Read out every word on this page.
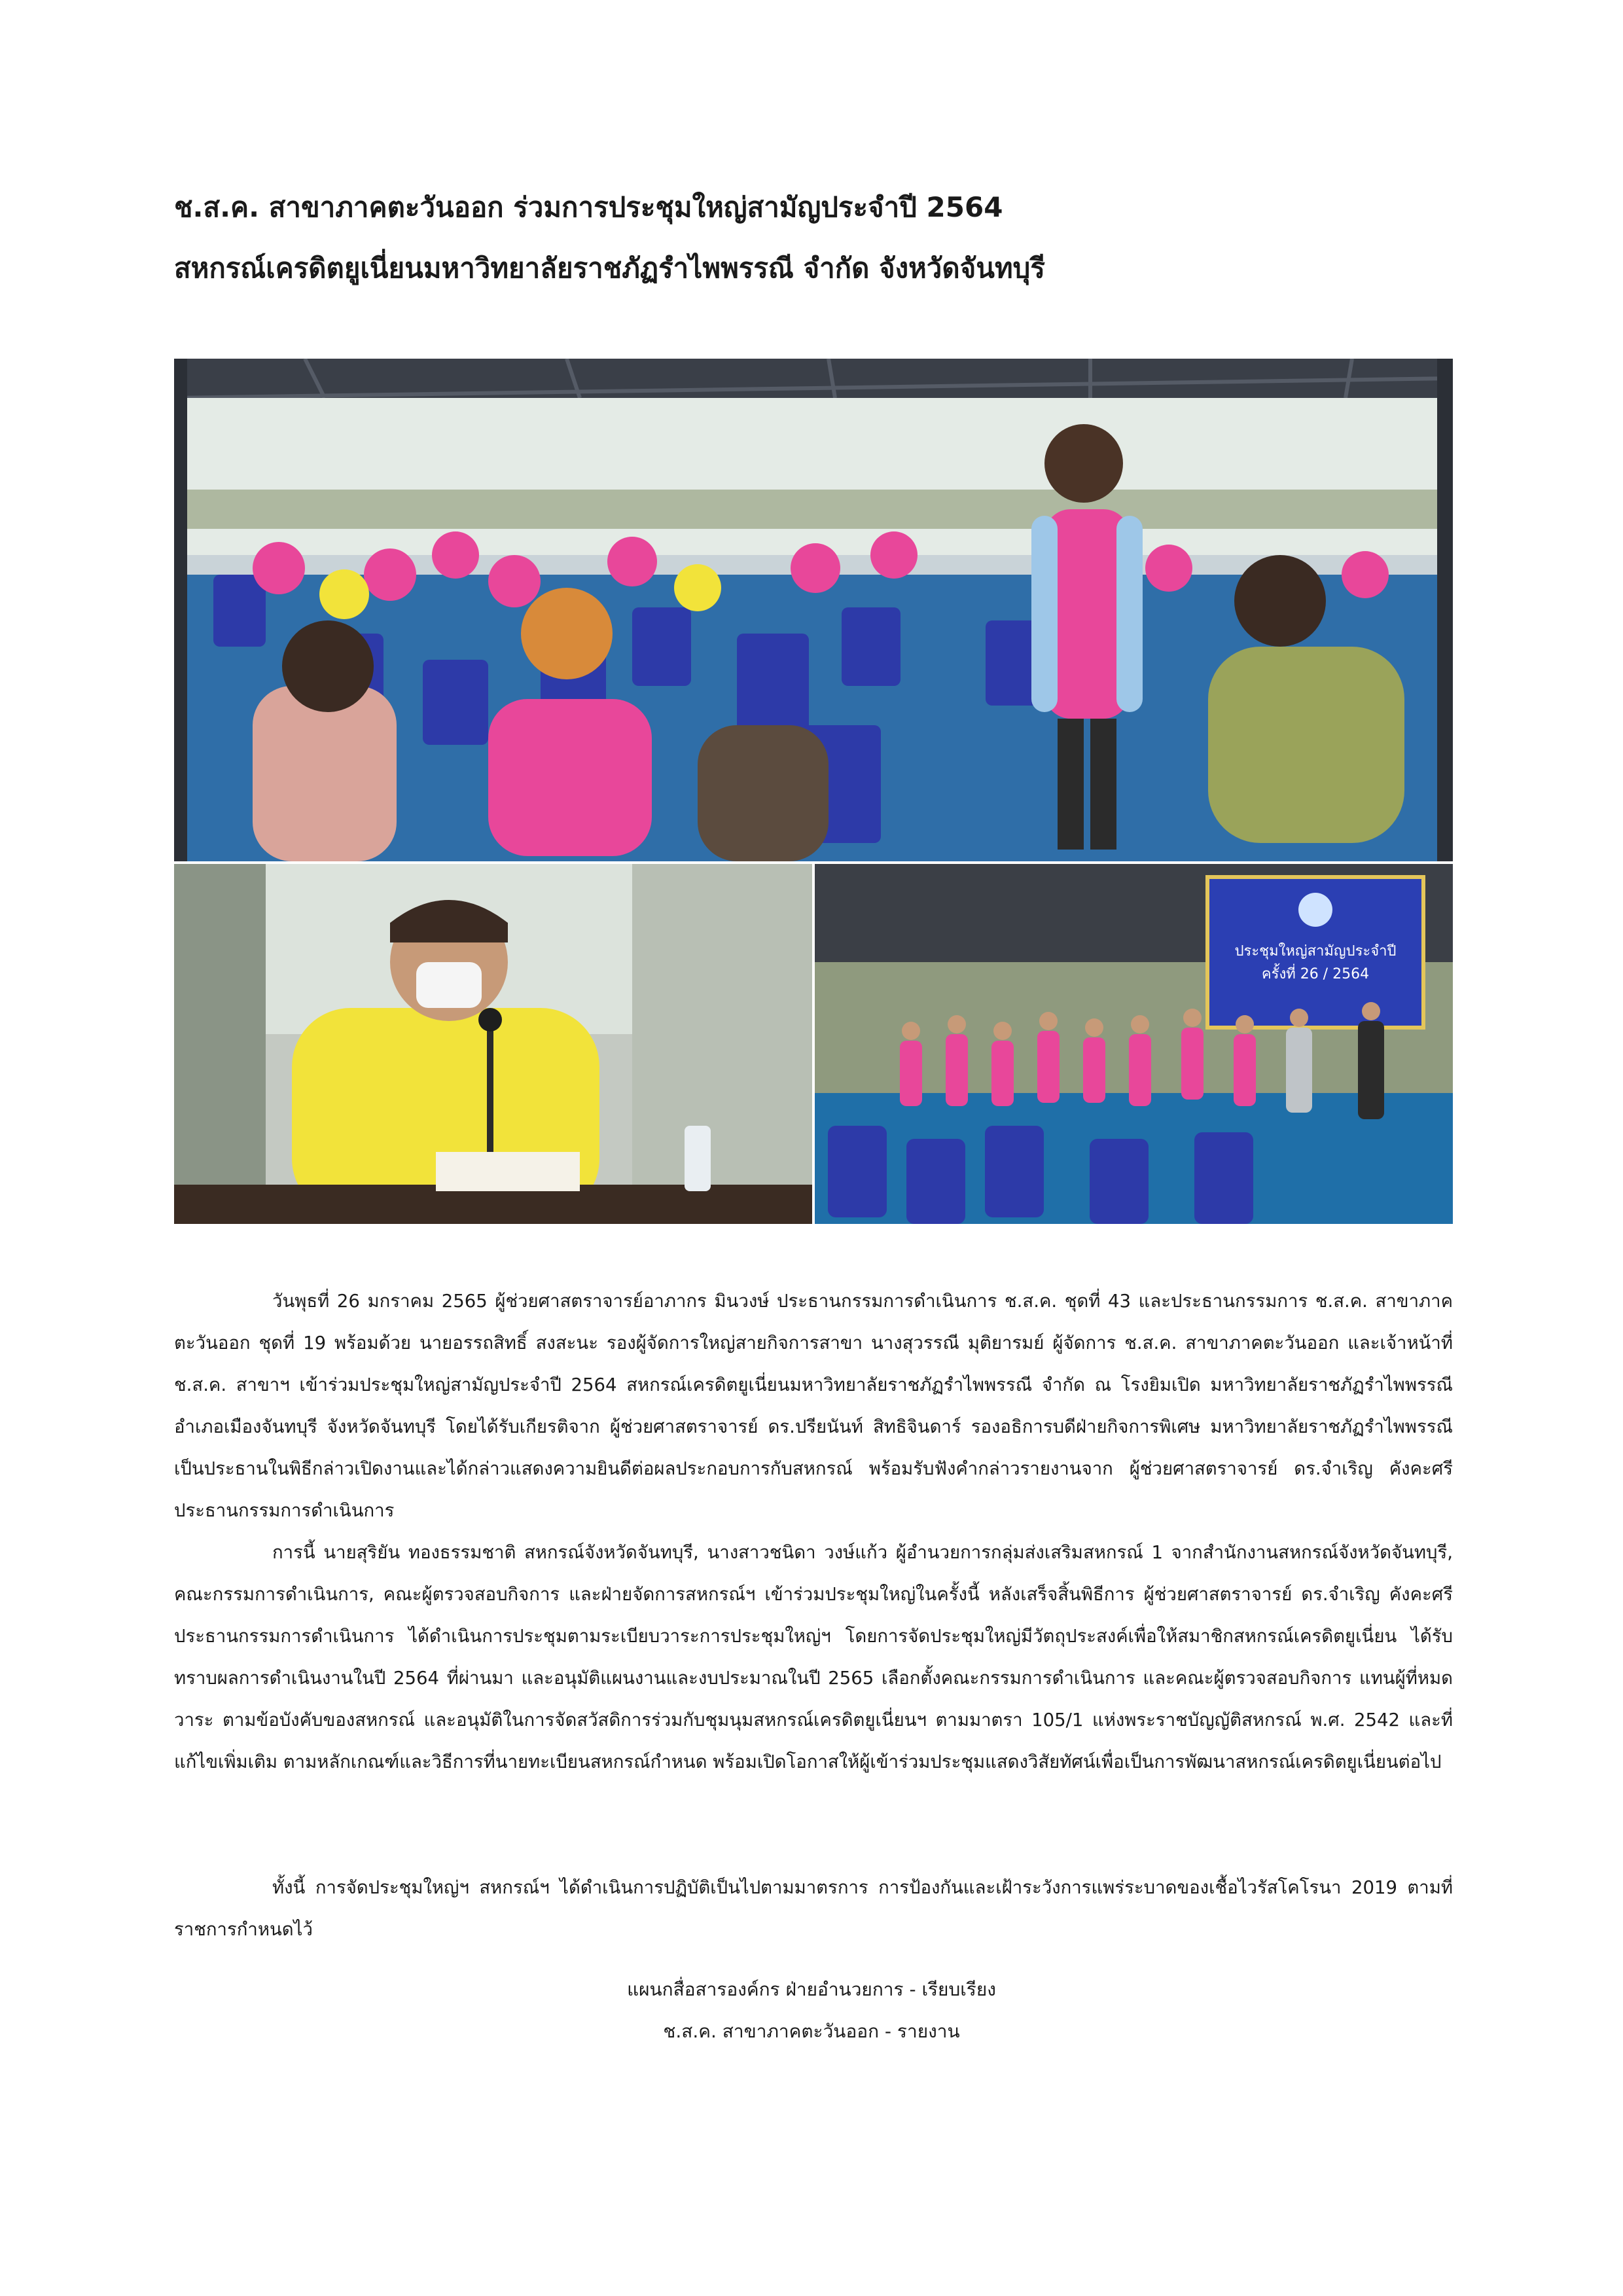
ช.ส.ค. สาขาภาคตะวันออก ร่วมการประชุมใหญ่สามัญประจำปี 2564
สหกรณ์เครดิตยูเนี่ยนมหาวิทยาลัยราชภัฏรำไพพรรณี จำกัด จังหวัดจันทบุรี
ประชุมใหญ่สามัญประจำปี
ครั้งที่ 26 / 2564

วันพุธที่ 26 มกราคม 2565 ผู้ช่วยศาสตราจารย์อาภากร มินวงษ์ ประธานกรรมการดำเนินการ ช.ส.ค. ชุดที่ 43 และประธานกรรมการ ช.ส.ค. สาขาภาคตะวันออก ชุดที่ 19 พร้อมด้วย นายอรรถสิทธิ์ สงสะนะ รองผู้จัดการใหญ่สายกิจการสาขา นางสุวรรณี มุติยารมย์ ผู้จัดการ ช.ส.ค. สาขาภาคตะวันออก และเจ้าหน้าที่ ช.ส.ค. สาขาฯ เข้าร่วมประชุมใหญ่สามัญประจำปี 2564 สหกรณ์เครดิตยูเนี่ยนมหาวิทยาลัยราชภัฏรำไพพรรณี จำกัด ณ โรงยิมเปิด มหาวิทยาลัยราชภัฏรำไพพรรณี อำเภอเมืองจันทบุรี จังหวัดจันทบุรี โดยได้รับเกียรติจาก ผู้ช่วยศาสตราจารย์ ดร.ปรียนันท์ สิทธิจินดาร์ รองอธิการบดีฝ่ายกิจการพิเศษ มหาวิทยาลัยราชภัฏรำไพพรรณี เป็นประธานในพิธีกล่าวเปิดงานและได้กล่าวแสดงความยินดีต่อผลประกอบการกับสหกรณ์ พร้อมรับฟังคำกล่าวรายงานจาก ผู้ช่วยศาสตราจารย์ ดร.จำเริญ คังคะศรี ประธานกรรมการดำเนินการ

การนี้ นายสุริยัน ทองธรรมชาติ สหกรณ์จังหวัดจันทบุรี, นางสาวชนิดา วงษ์แก้ว ผู้อำนวยการกลุ่มส่งเสริมสหกรณ์ 1 จากสำนักงานสหกรณ์จังหวัดจันทบุรี, คณะกรรมการดำเนินการ, คณะผู้ตรวจสอบกิจการ และฝ่ายจัดการสหกรณ์ฯ เข้าร่วมประชุมใหญ่ในครั้งนี้ หลังเสร็จสิ้นพิธีการ ผู้ช่วยศาสตราจารย์ ดร.จำเริญ คังคะศรี ประธานกรรมการดำเนินการ ได้ดำเนินการประชุมตามระเบียบวาระการประชุมใหญ่ฯ โดยการจัดประชุมใหญ่มีวัตถุประสงค์เพื่อให้สมาชิกสหกรณ์เครดิตยูเนี่ยน ได้รับทราบผลการดำเนินงานในปี 2564 ที่ผ่านมา และอนุมัติแผนงานและงบประมาณในปี 2565 เลือกตั้งคณะกรรมการดำเนินการ และคณะผู้ตรวจสอบกิจการ แทนผู้ที่หมดวาระ ตามข้อบังคับของสหกรณ์ และอนุมัติในการจัดสวัสดิการร่วมกับชุมนุมสหกรณ์เครดิตยูเนี่ยนฯ ตามมาตรา 105/1 แห่งพระราชบัญญัติสหกรณ์ พ.ศ. 2542 และที่แก้ไขเพิ่มเติม ตามหลักเกณฑ์และวิธีการที่นายทะเบียนสหกรณ์กำหนด พร้อมเปิดโอกาสให้ผู้เข้าร่วมประชุมแสดงวิสัยทัศน์เพื่อเป็นการพัฒนาสหกรณ์เครดิตยูเนี่ยนต่อไป

ทั้งนี้ การจัดประชุมใหญ่ฯ สหกรณ์ฯ ได้ดำเนินการปฏิบัติเป็นไปตามมาตรการ การป้องกันและเฝ้าระวังการแพร่ระบาดของเชื้อไวรัสโคโรนา 2019 ตามที่ราชการกำหนดไว้

แผนกสื่อสารองค์กร ฝ่ายอำนวยการ - เรียบเรียง
ช.ส.ค. สาขาภาคตะวันออก - รายงาน
